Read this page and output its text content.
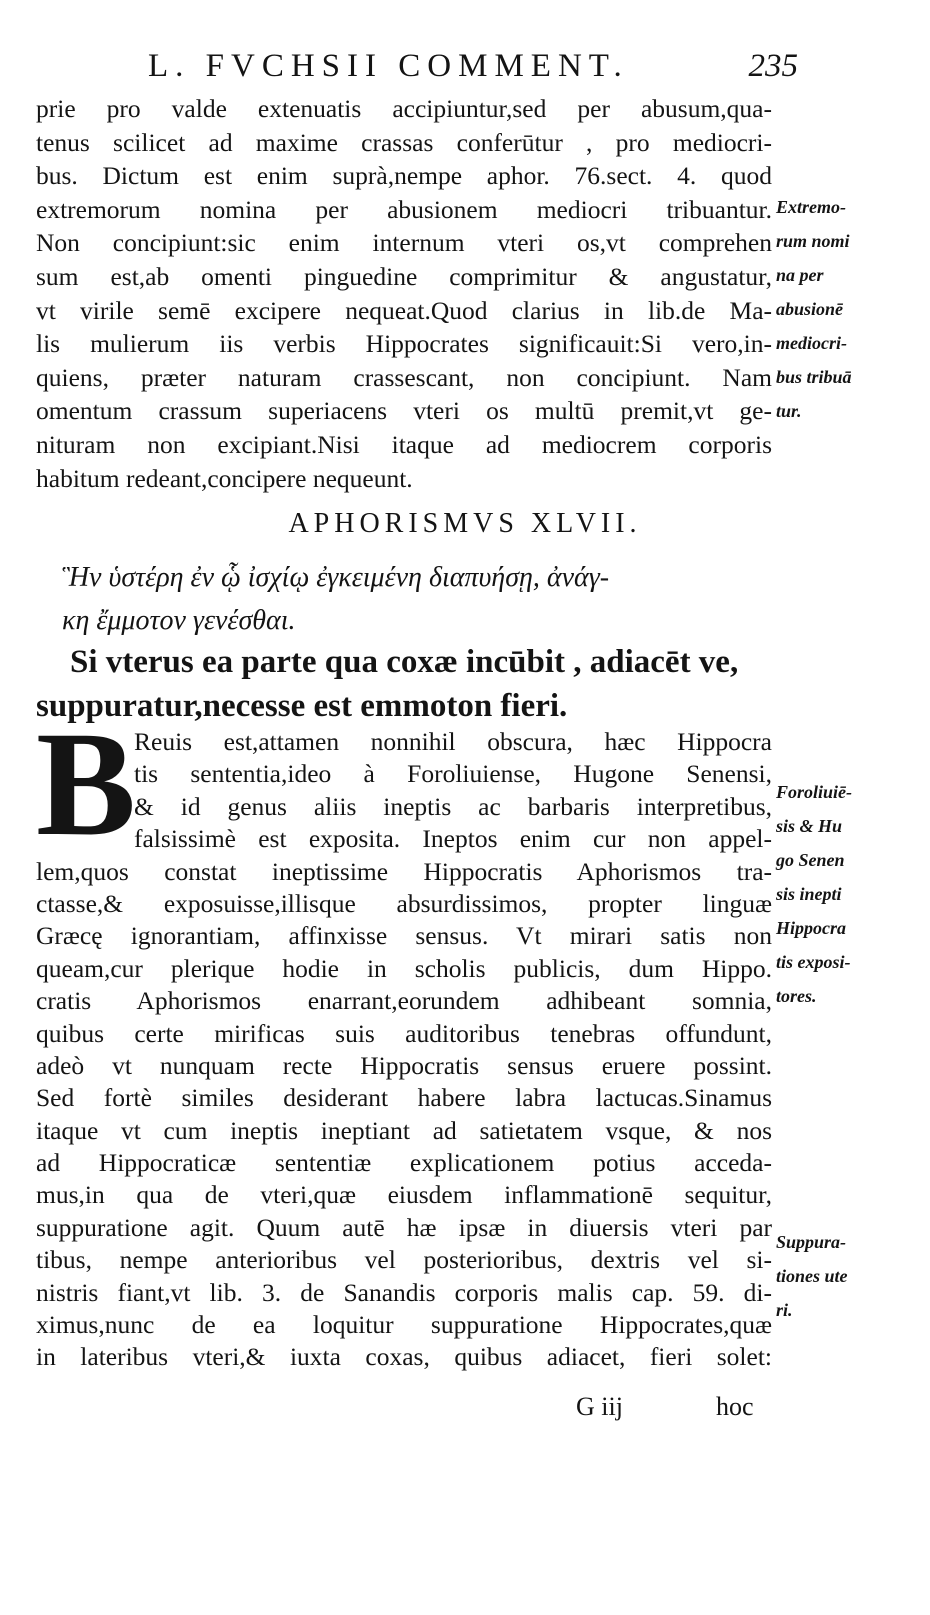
L. FVCHSII COMMENT.	235
prie pro valde extenuatis accipiuntur,sed per abusum,qua-
tenus scilicet ad maxime crassas conferūtur , pro mediocri-
bus. Dictum est enim suprà,nempe aphor. 76.sect. 4. quod
extremorum nomina per abusionem mediocri tribuantur.
Non concipiunt:sic enim internum vteri os,vt comprehen
sum est,ab omenti pinguedine comprimitur & angustatur,
vt virile semē excipere nequeat.Quod clarius in lib.de Ma-
lis mulierum iis verbis Hippocrates significauit:Si vero,in-
quiens, præter naturam crassescant, non concipiunt. Nam
omentum crassum superiacens vteri os multū premit,vt ge-
nituram non excipiant.Nisi itaque ad mediocrem corporis
habitum redeant,concipere nequeunt.
APHORISMVS XLVII.
Ἣν ὑστέρη ἐν ᾧ ἰσχίῳ ἐγκειμένη διαπυήσῃ, ἀνάγ-
κη ἔμμοτον γενέσθαι.
Si vterus ea parte qua coxæ incūbit , adiacēt ve,
suppuratur,necesse est emmoton fieri.
B
Reuis est,attamen nonnihil obscura, hæc Hippocra
tis sententia,ideo à Foroliuiense, Hugone Senensi,
& id genus aliis ineptis ac barbaris interpretibus,
falsissimè est exposita. Ineptos enim cur non appel-
lem,quos constat ineptissime Hippocratis Aphorismos tra-
ctasse,& exposuisse,illisque absurdissimos, propter linguæ
Græcę ignorantiam, affinxisse sensus. Vt mirari satis non
queam,cur plerique hodie in scholis publicis, dum Hippo.
cratis Aphorismos enarrant,eorundem adhibeant somnia,
quibus certe mirificas suis auditoribus tenebras offundunt,
adeò vt nunquam recte Hippocratis sensus eruere possint.
Sed fortè similes desiderant habere labra lactucas.Sinamus
itaque vt cum ineptis ineptiant ad satietatem vsque, & nos
ad Hippocraticæ sententiæ explicationem potius acceda-
mus,in qua de vteri,quæ eiusdem inflammationē sequitur,
suppuratione agit. Quum autē hæ ipsæ in diuersis vteri par
tibus, nempe anterioribus vel posterioribus, dextris vel si-
nistris fiant,vt lib. 3. de Sanandis corporis malis cap. 59. di-
ximus,nunc de ea loquitur suppuratione Hippocrates,quæ
in lateribus vteri,& iuxta coxas, quibus adiacet, fieri solet:
G iij	hoc
Extremo-
rum nomi
na per
abusionē
mediocri-
bus tribuā
tur.
Foroliuiē-
sis & Hu
go Senen
sis inepti
Hippocra
tis exposi-
tores.
Suppura-
tiones ute
ri.
